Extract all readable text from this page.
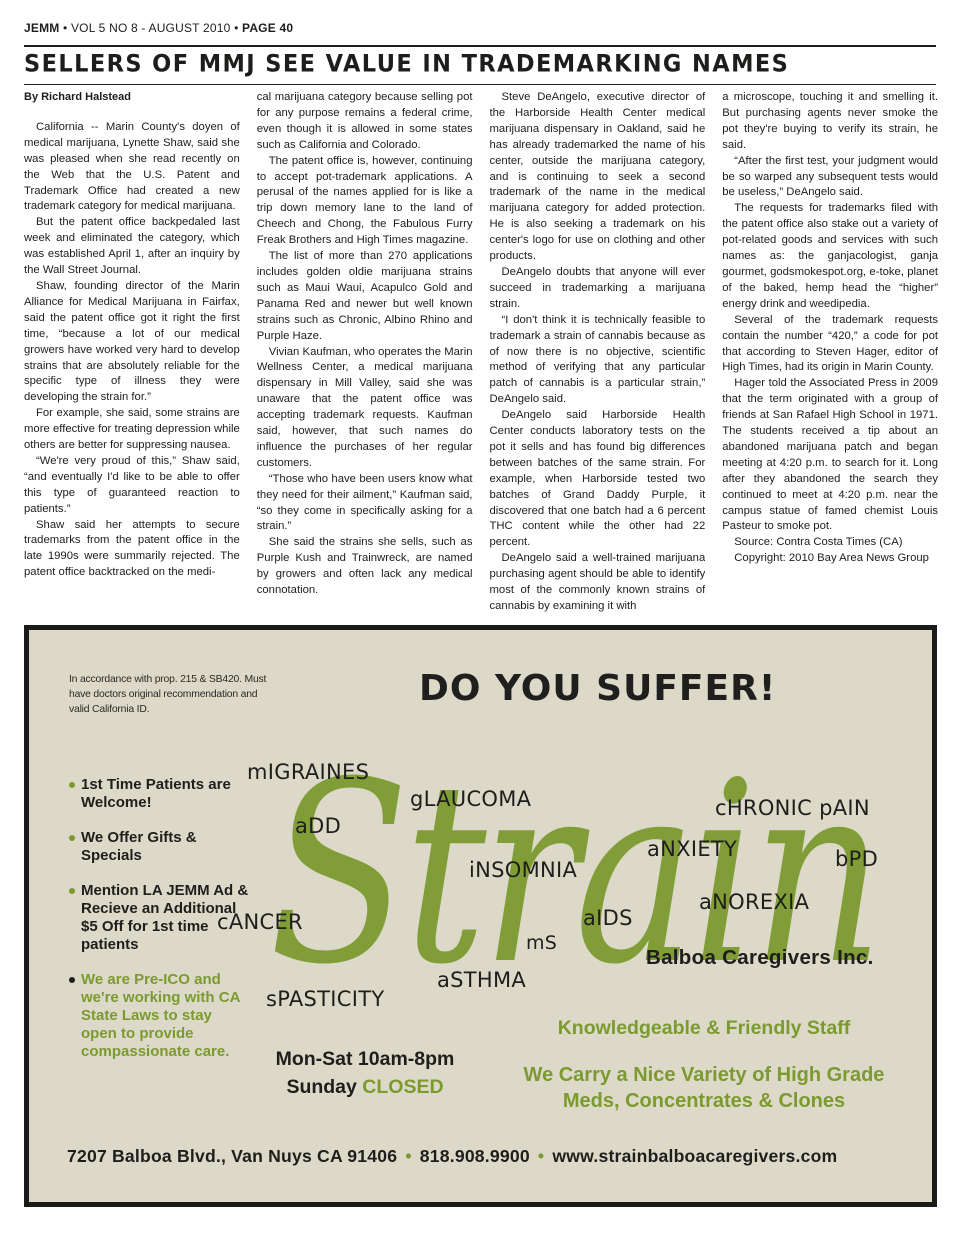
JEMM • VOL 5 NO 8 - AUGUST 2010 • PAGE 40
SELLERS OF MMJ SEE VALUE IN TRADEMARKING NAMES
By Richard Halstead

California -- Marin County's doyen of medical marijuana, Lynette Shaw, said she was pleased when she read recently on the Web that the U.S. Patent and Trademark Office had created a new trademark category for medical marijuana.

But the patent office backpedaled last week and eliminated the category, which was established April 1, after an inquiry by the Wall Street Journal.

Shaw, founding director of the Marin Alliance for Medical Marijuana in Fairfax, said the patent office got it right the first time, “because a lot of our medical growers have worked very hard to develop strains that are absolutely reliable for the specific type of illness they were developing the strain for.”

For example, she said, some strains are more effective for treating depression while others are better for suppressing nausea.

“We're very proud of this,” Shaw said, “and eventually I'd like to be able to offer this type of guaranteed reaction to patients.”

Shaw said her attempts to secure trademarks from the patent office in the late 1990s were summarily rejected. The patent office backtracked on the medi-

cal marijuana category because selling pot for any purpose remains a federal crime, even though it is allowed in some states such as California and Colorado.

The patent office is, however, continuing to accept pot-trademark applications. A perusal of the names applied for is like a trip down memory lane to the land of Cheech and Chong, the Fabulous Furry Freak Brothers and High Times magazine.

The list of more than 270 applications includes golden oldie marijuana strains such as Maui Waui, Acapulco Gold and Panama Red and newer but well known strains such as Chronic, Albino Rhino and Purple Haze.

Vivian Kaufman, who operates the Marin Wellness Center, a medical marijuana dispensary in Mill Valley, said she was unaware that the patent office was accepting trademark requests. Kaufman said, however, that such names do influence the purchases of her regular customers.

“Those who have been users know what they need for their ailment,” Kaufman said, “so they come in specifically asking for a strain.”

She said the strains she sells, such as Purple Kush and Trainwreck, are named by growers and often lack any medical connotation.

Steve DeAngelo, executive director of the Harborside Health Center medical marijuana dispensary in Oakland, said he has already trademarked the name of his center, outside the marijuana category, and is continuing to seek a second trademark of the name in the medical marijuana category for added protection. He is also seeking a trademark on his center's logo for use on clothing and other products.

DeAngelo doubts that anyone will ever succeed in trademarking a marijuana strain.

“I don't think it is technically feasible to trademark a strain of cannabis because as of now there is no objective, scientific method of verifying that any particular patch of cannabis is a particular strain,” DeAngelo said.

DeAngelo said Harborside Health Center conducts laboratory tests on the pot it sells and has found big differences between batches of the same strain. For example, when Harborside tested two batches of Grand Daddy Purple, it discovered that one batch had a 6 percent THC content while the other had 22 percent.

DeAngelo said a well-trained marijuana purchasing agent should be able to identify most of the commonly known strains of cannabis by examining it with

a microscope, touching it and smelling it. But purchasing agents never smoke the pot they're buying to verify its strain, he said.

“After the first test, your judgment would be so warped any subsequent tests would be useless,” DeAngelo said.

The requests for trademarks filed with the patent office also stake out a variety of pot-related goods and services with such names as: the ganjacologist, ganja gourmet, godsmokespot.org, e-toke, planet of the baked, hemp head the “higher” energy drink and weedipedia.

Several of the trademark requests contain the number “420,” a code for pot that according to Steven Hager, editor of High Times, had its origin in Marin County.

Hager told the Associated Press in 2009 that the term originated with a group of friends at San Rafael High School in 1971. The students received a tip about an abandoned marijuana patch and began meeting at 4:20 p.m. to search for it. Long after they abandoned the search they continued to meet at 4:20 p.m. near the campus statue of famed chemist Louis Pasteur to smoke pot.

Source: Contra Costa Times (CA)

Copyright: 2010 Bay Area News Group

In accordance with prop. 215 & SB420. Must have doctors original recommendation and valid California ID.
DO YOU SUFFER!
Strain
mIGRAINES
aDD
gLAUCOMA	cHRONIC pAIN
aNXIETY	bPD
iNSOMNIA
aNOREXIA
aIDS
cANCER
mS
aSTHMA
sPASTICITY
1st Time Patients are Welcome!
We Offer Gifts & Specials
Mention LA JEMM Ad & Recieve an Additional $5 Off for 1st time patients
We are Pre-ICO and we're working with CA State Laws to stay open to provide compassionate care.
Balboa Caregivers Inc.
Mon-Sat 10am-8pm
Sunday CLOSED
Knowledgeable & Friendly Staff
We Carry a Nice Variety of High Grade
Meds, Concentrates & Clones
7207 Balboa Blvd., Van Nuys CA 91406 • 818.908.9900 • www.strainbalboacaregivers.com
